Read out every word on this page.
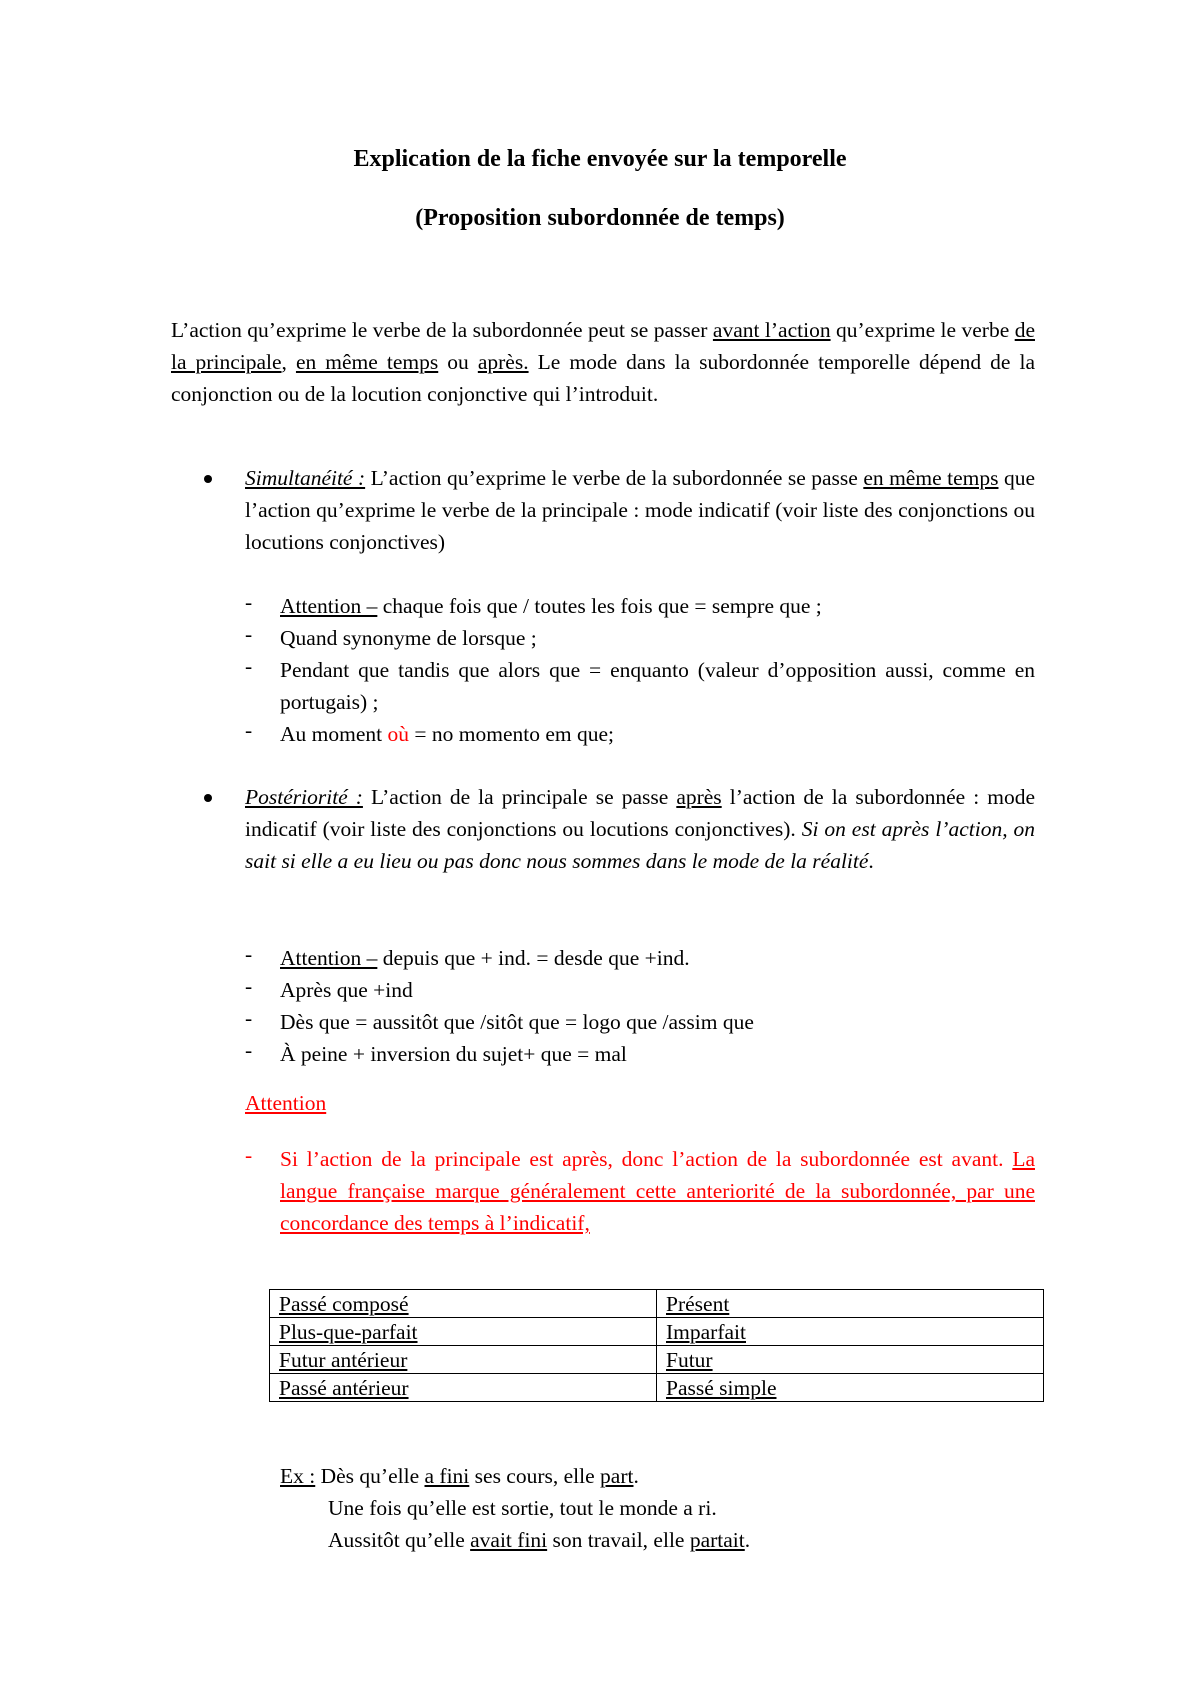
Explication de la fiche envoyée sur la temporelle
(Proposition subordonnée de temps)
L’action qu’exprime le verbe de la subordonnée peut se passer avant l’action qu’exprime le verbe de la principale, en même temps ou après. Le mode dans la subordonnée temporelle dépend de la conjonction ou de la locution conjonctive qui l’introduit.
Simultanéité : L’action qu’exprime le verbe de la subordonnée se passe en même temps que l’action qu’exprime le verbe de la principale : mode indicatif (voir liste des conjonctions ou locutions conjonctives)
- Attention – chaque fois que / toutes les fois que = sempre que ;
- Quand synonyme de lorsque ;
- Pendant que tandis que alors que = enquanto (valeur d’opposition aussi, comme en portugais) ;
- Au moment où = no momento em que;
Postériorité : L’action de la principale se passe après l’action de la subordonnée : mode indicatif (voir liste des conjonctions ou locutions conjonctives). Si on est après l’action, on sait si elle a eu lieu ou pas donc nous sommes dans le mode de la réalité.
- Attention – depuis que + ind. = desde que +ind.
- Après que +ind
- Dès que = aussitôt que /sitôt que = logo que /assim que
- À peine + inversion du sujet+ que = mal
Attention
- Si l’action de la principale est après, donc l’action de la subordonnée est avant. La langue française marque généralement cette anteriorité de la subordonnée, par une concordance des temps à l’indicatif,
Passé composé	Présent
Plus-que-parfait	Imparfait
Futur antérieur	Futur
Passé antérieur	Passé simple
Ex : Dès qu’elle a fini ses cours, elle part.
Une fois qu’elle est sortie, tout le monde a ri.
Aussitôt qu’elle avait fini son travail, elle partait.
